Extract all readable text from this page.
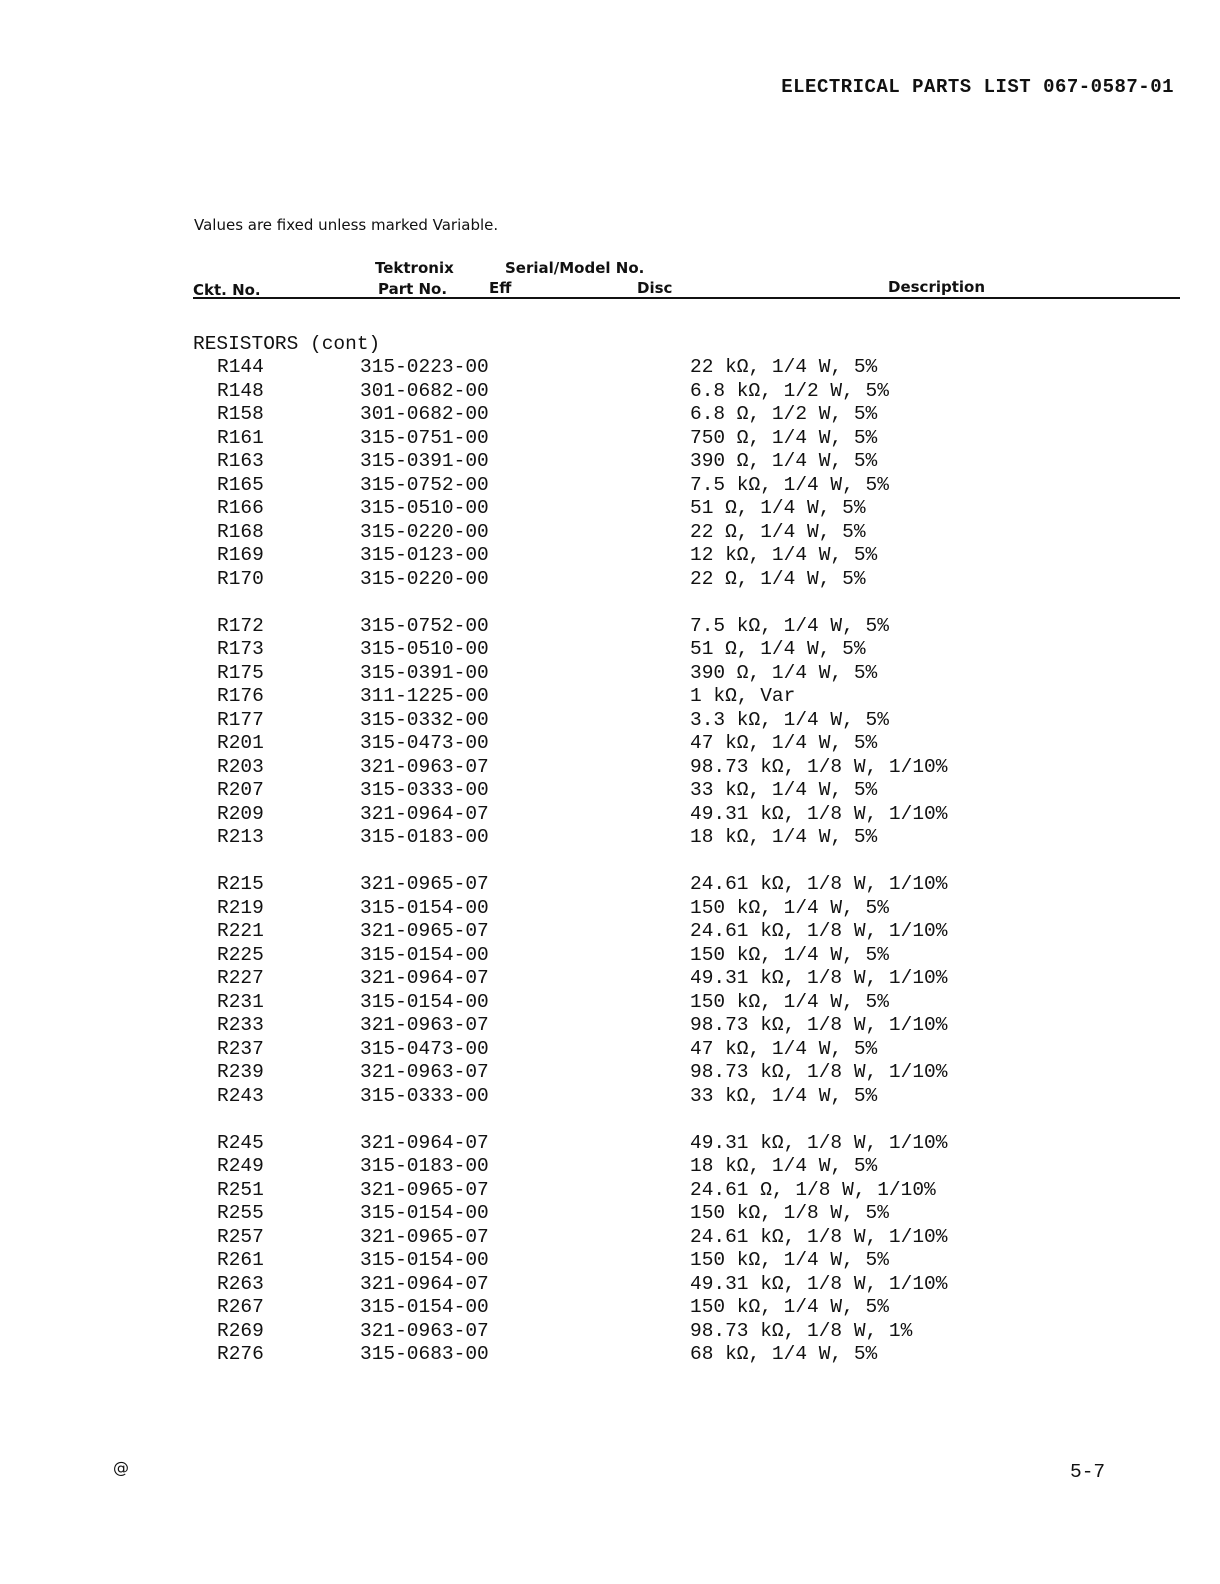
ELECTRICAL PARTS LIST 067-0587-01
Values are fixed unless marked Variable.
Tektronix	Serial/Model No.
Ckt. No.	Part No.	Eff	Disc	Description
RESISTORS (cont)
R144	315-0223-00	22 kΩ, 1/4 W, 5%
R148	301-0682-00	6.8 kΩ, 1/2 W, 5%
R158	301-0682-00	6.8 Ω, 1/2 W, 5%
R161	315-0751-00	750 Ω, 1/4 W, 5%
R163	315-0391-00	390 Ω, 1/4 W, 5%
R165	315-0752-00	7.5 kΩ, 1/4 W, 5%
R166	315-0510-00	51 Ω, 1/4 W, 5%
R168	315-0220-00	22 Ω, 1/4 W, 5%
R169	315-0123-00	12 kΩ, 1/4 W, 5%
R170	315-0220-00	22 Ω, 1/4 W, 5%
R172	315-0752-00	7.5 kΩ, 1/4 W, 5%
R173	315-0510-00	51 Ω, 1/4 W, 5%
R175	315-0391-00	390 Ω, 1/4 W, 5%
R176	311-1225-00	1 kΩ, Var
R177	315-0332-00	3.3 kΩ, 1/4 W, 5%
R201	315-0473-00	47 kΩ, 1/4 W, 5%
R203	321-0963-07	98.73 kΩ, 1/8 W, 1/10%
R207	315-0333-00	33 kΩ, 1/4 W, 5%
R209	321-0964-07	49.31 kΩ, 1/8 W, 1/10%
R213	315-0183-00	18 kΩ, 1/4 W, 5%
R215	321-0965-07	24.61 kΩ, 1/8 W, 1/10%
R219	315-0154-00	150 kΩ, 1/4 W, 5%
R221	321-0965-07	24.61 kΩ, 1/8 W, 1/10%
R225	315-0154-00	150 kΩ, 1/4 W, 5%
R227	321-0964-07	49.31 kΩ, 1/8 W, 1/10%
R231	315-0154-00	150 kΩ, 1/4 W, 5%
R233	321-0963-07	98.73 kΩ, 1/8 W, 1/10%
R237	315-0473-00	47 kΩ, 1/4 W, 5%
R239	321-0963-07	98.73 kΩ, 1/8 W, 1/10%
R243	315-0333-00	33 kΩ, 1/4 W, 5%
R245	321-0964-07	49.31 kΩ, 1/8 W, 1/10%
R249	315-0183-00	18 kΩ, 1/4 W, 5%
R251	321-0965-07	24.61 Ω, 1/8 W, 1/10%
R255	315-0154-00	150 kΩ, 1/8 W, 5%
R257	321-0965-07	24.61 kΩ, 1/8 W, 1/10%
R261	315-0154-00	150 kΩ, 1/4 W, 5%
R263	321-0964-07	49.31 kΩ, 1/8 W, 1/10%
R267	315-0154-00	150 kΩ, 1/4 W, 5%
R269	321-0963-07	98.73 kΩ, 1/8 W, 1%
R276	315-0683-00	68 kΩ, 1/4 W, 5%
@	5-7
